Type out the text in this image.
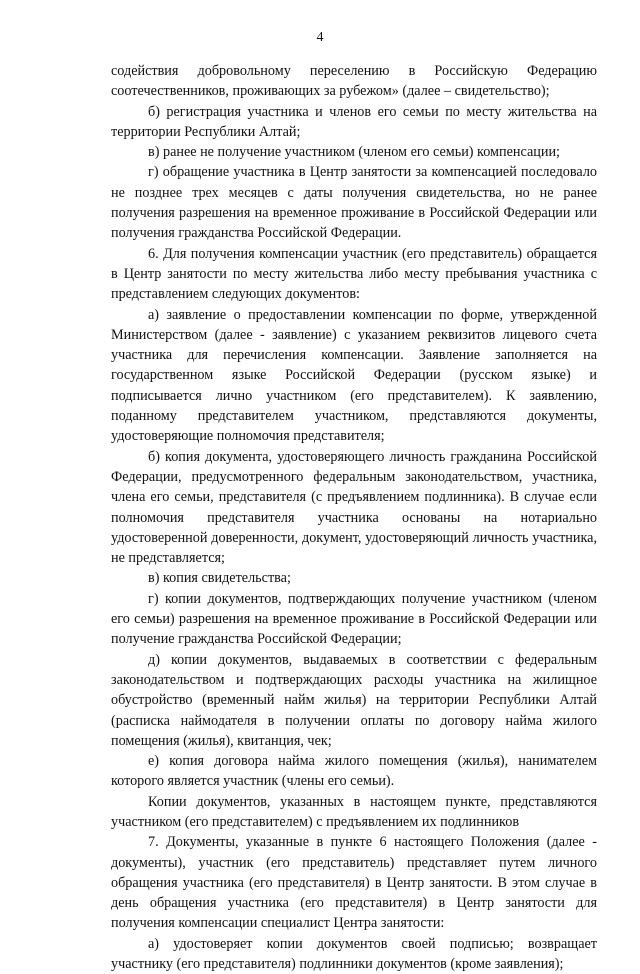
4

содействия добровольному переселению в Российскую Федерацию соотечественников, проживающих за рубежом» (далее – свидетельство);

б) регистрация участника и членов его семьи по месту жительства на территории Республики Алтай;

в) ранее не получение участником (членом его семьи) компенсации;

г) обращение участника в Центр занятости за компенсацией последовало не позднее трех месяцев с даты получения свидетельства, но не ранее получения разрешения на временное проживание в Российской Федерации или получения гражданства Российской Федерации.

6. Для получения компенсации участник (его представитель) обращается в Центр занятости по месту жительства либо месту пребывания участника с представлением следующих документов:

а) заявление о предоставлении компенсации по форме, утвержденной Министерством (далее - заявление) с указанием реквизитов лицевого счета участника для перечисления компенсации. Заявление заполняется на государственном языке Российской Федерации (русском языке) и подписывается лично участником (его представителем). К заявлению, поданному представителем участником, представляются документы, удостоверяющие полномочия представителя;

б) копия документа, удостоверяющего личность гражданина Российской Федерации, предусмотренного федеральным законодательством, участника, члена его семьи, представителя (с предъявлением подлинника). В случае если полномочия представителя участника основаны на нотариально удостоверенной доверенности, документ, удостоверяющий личность участника, не представляется;

в) копия свидетельства;

г) копии документов, подтверждающих получение участником (членом его семьи) разрешения на временное проживание в Российской Федерации или получение гражданства Российской Федерации;

д) копии документов, выдаваемых в соответствии с федеральным законодательством и подтверждающих расходы участника на жилищное обустройство (временный найм жилья) на территории Республики Алтай (расписка наймодателя в получении оплаты по договору найма жилого помещения (жилья), квитанция, чек;

е) копия договора найма жилого помещения (жилья), нанимателем которого является участник (члены его семьи).

Копии документов, указанных в настоящем пункте, представляются участником (его представителем) с предъявлением их подлинников

7. Документы, указанные в пункте 6 настоящего Положения (далее - документы), участник (его представитель) представляет путем личного обращения участника (его представителя) в Центр занятости. В этом случае в день обращения участника (его представителя) в Центр занятости для получения компенсации специалист Центра занятости:

а) удостоверяет копии документов своей подписью; возвращает участнику (его представителя) подлинники документов (кроме заявления);
